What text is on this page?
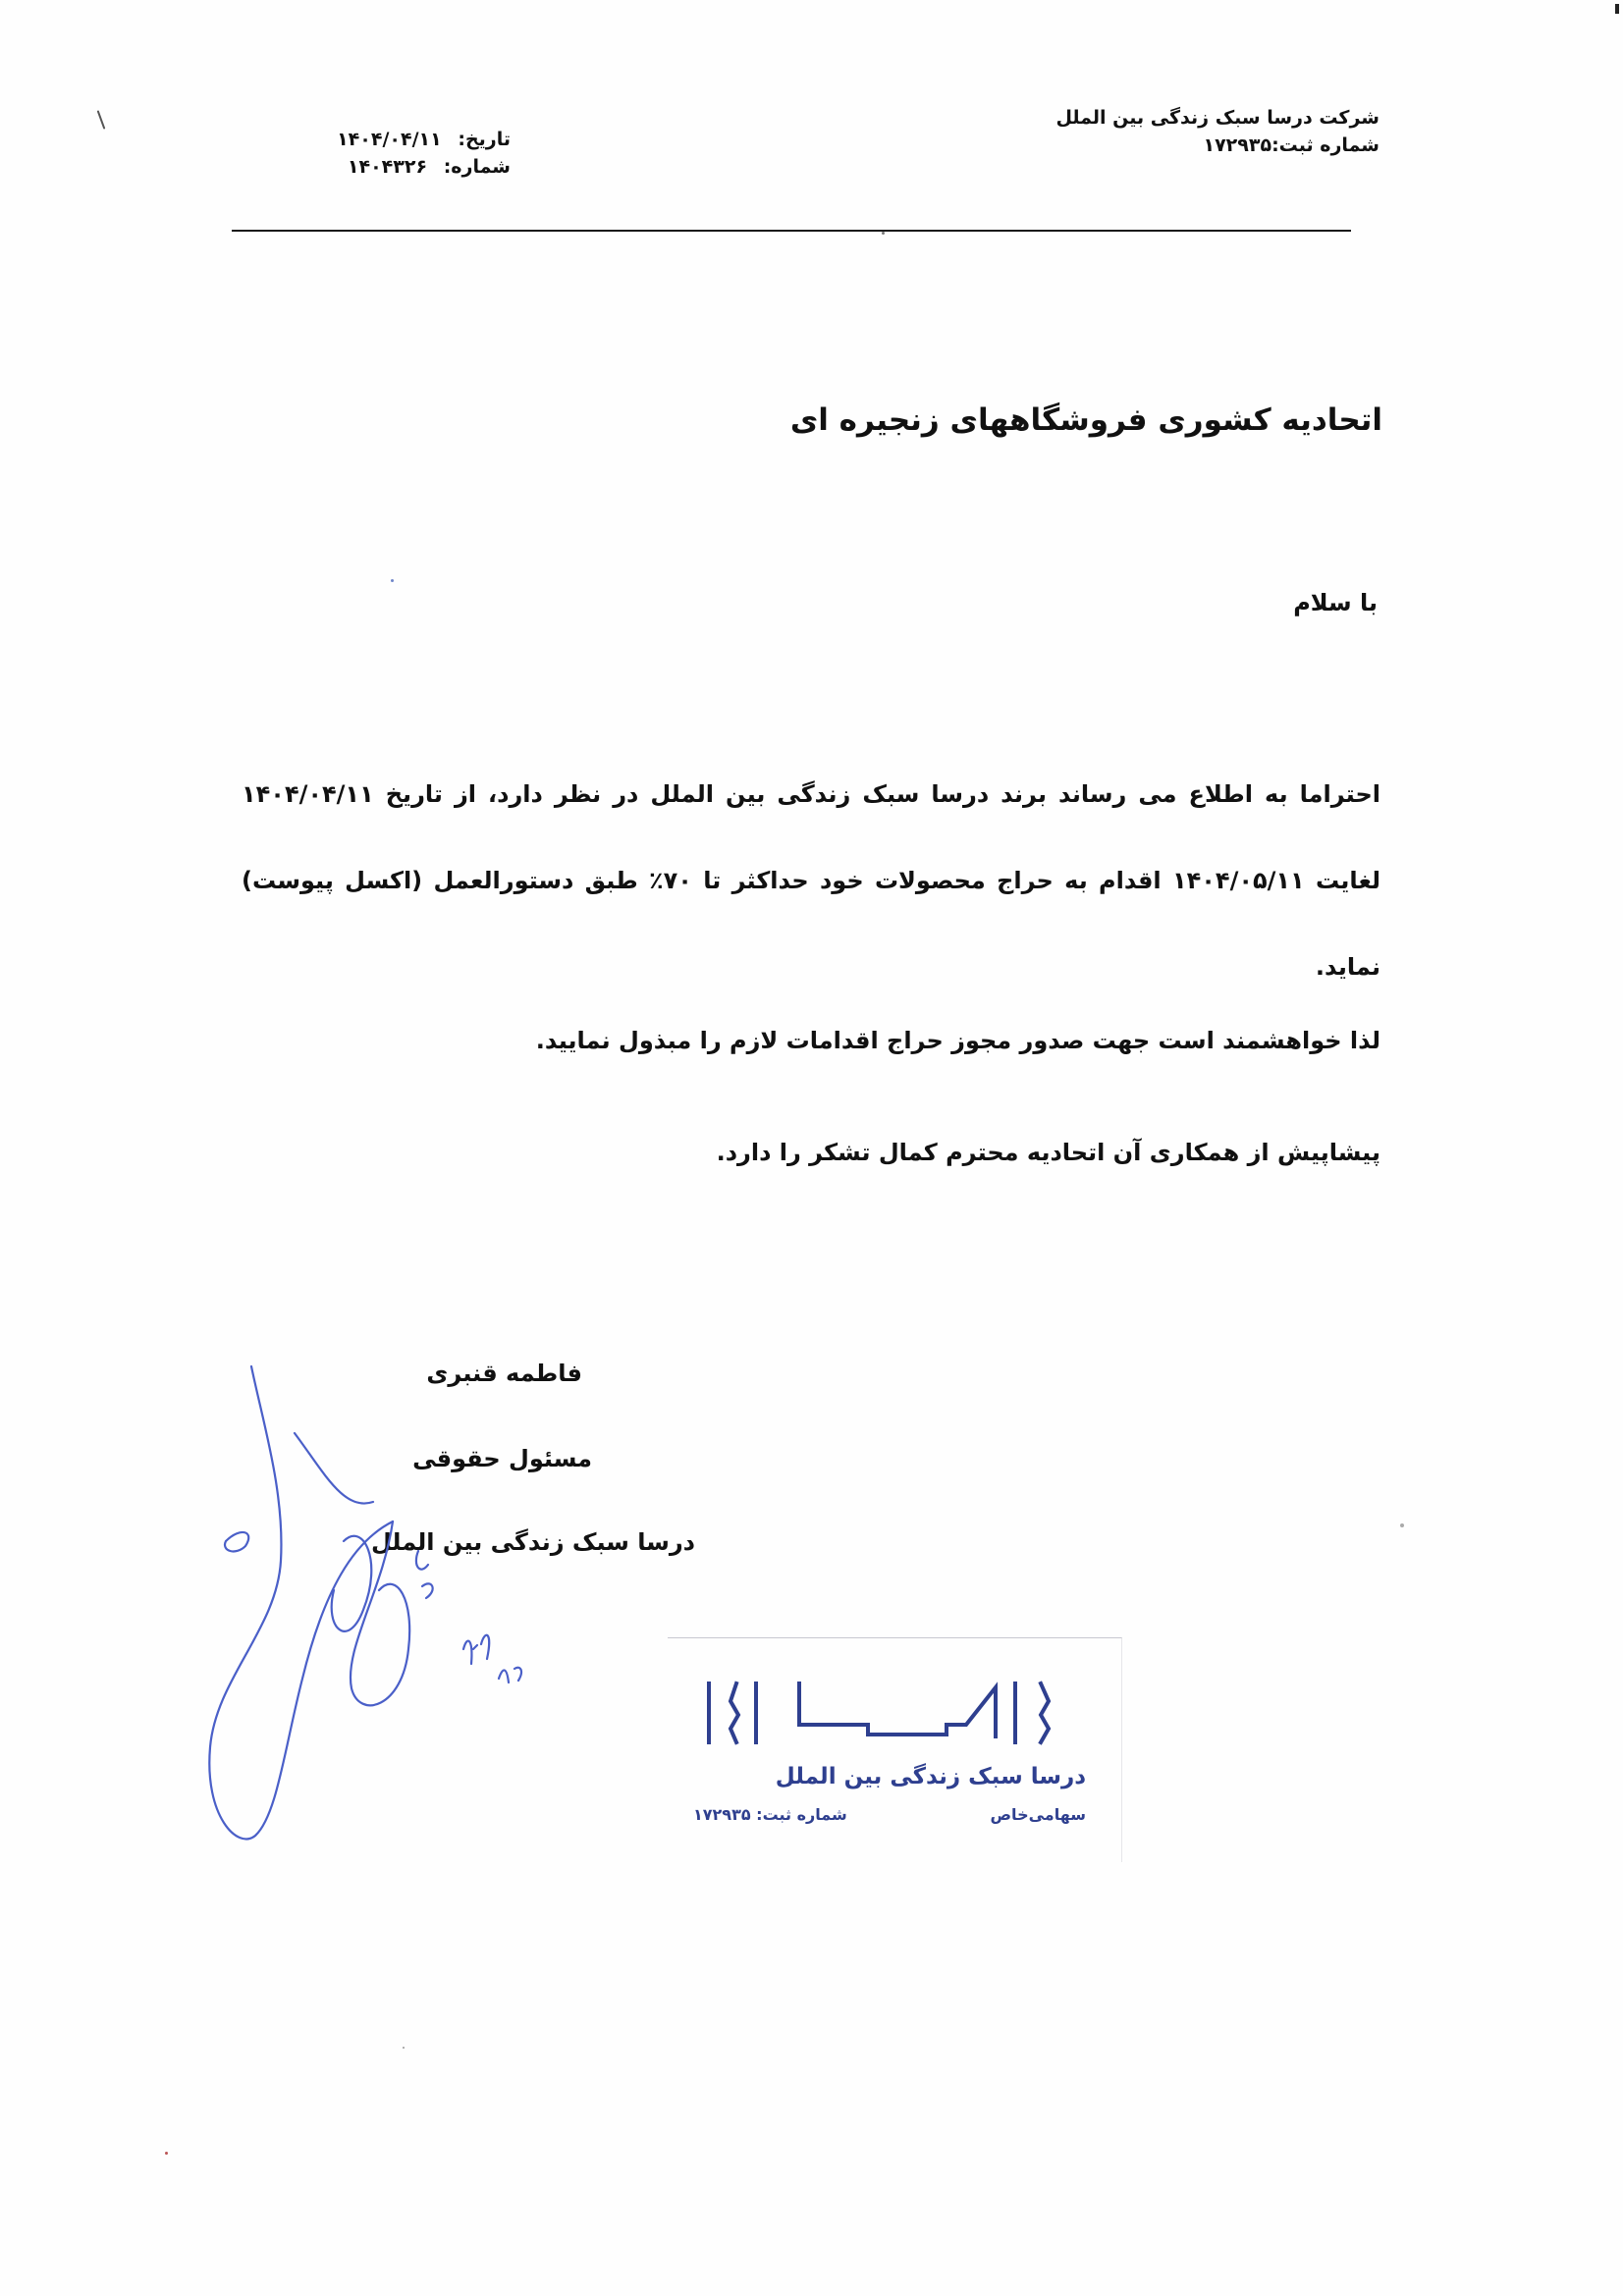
شرکت درسا سبک زندگی بین الملل
شماره ثبت:۱۷۲۹۳۵
تاریخ: ۱۴۰۴/۰۴/۱۱
شماره: ۱۴۰۴۳۲۶
اتحادیه کشوری فروشگاههای زنجیره ای
با سلام
احتراما به اطلاع می رساند برند درسا سبک زندگی بین الملل در نظر دارد، از تاریخ ۱۴۰۴/۰۴/۱۱ لغایت ۱۴۰۴/۰۵/۱۱ اقدام به حراج محصولات خود حداکثر تا ۷۰٪ طبق دستورالعمل (اکسل پیوست) نماید.
لذا خواهشمند است جهت صدور مجوز حراج اقدامات لازم را مبذول نمایید.
پیشاپیش از همکاری آن اتحادیه محترم کمال تشکر را دارد.
فاطمه قنبری
مسئول حقوقی
درسا سبک زندگی بین الملل
درسا سبک زندگی بین الملل
سهامی‌خاص
شماره ثبت: ۱۷۲۹۳۵
